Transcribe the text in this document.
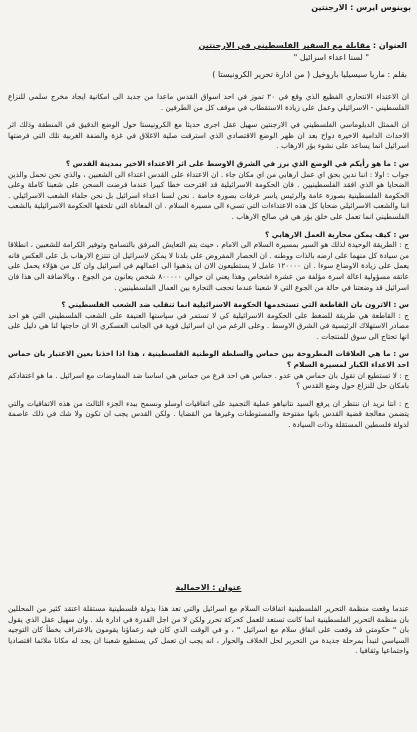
بوينوس ايرس : الارجنتين
العنوان : مقابلة مع السفير الفلسطيني في الارجنتين
" لسنا اعداء اسرائيل "
بقلم : ماريا سيسيليا باروخيل ( من ادارة تحرير الكرونيستا )

ان الاعتداء الانتحاري الفظيع الذي وقع في ٢٠ تموز في احد اسواق القدس ماعدا من جديد الى امكانية ايجاد مخرج سلمي للنزاع الفلسطيني - الاسرائيلي وعمل على زيادة الاستقطاب في موقف كل من الطرفين .

ان الممثل الدبلوماسي الفلسطيني في الارجنتين سهيل عقل اجرى حديثا مع الكرونيستا حول الوضع الدقيق في المنطقة وذلك اثر الاحداث الدامية الاخيرة دواح بعد ان ظهر الوضع الاقتصادي الذي استرقت صلية الاغلاق في غزة والضفة الغربية تلك التي فرضتها اسرائيل انما يساعد على نشوء بؤر الارهاب .

س : ما هو رأيكم في الوضع الذي برز في الشرق الاوسط على اثر الاعتداء الاخير بمدينة القدس ؟

جواب : اولا : اننا ندين بحق اي عمل ارهابي من اي مكان جاء . ان الاعتداء على القدس اعتداء الى الشعبين ، والذي نحن نحمل والذين الضحايا هو الذي افقد الفلسطينيين . فان الحكومة الاسرائيلية قد اقترحت خطا كبيرا عندما فرضت السجن على شعبنا كاملة وعلى الحكومة الفلسطينية بصورة عامة والرئيس ياسر عرفات بصورة خاصة . نحن لسنا اعداء اسرائيل بل نحن حلفاء الشعب الاسرائيلي . اننا والشعب الاسرائيلي ضحايا كل هذه الاعتداءات التي تسيء الى مسيرة السلام . ان المعاناة التي تلحقها الحكومة الاسرائيلية بالشعب الفلسطيني انما تعمل على خلق بؤر هي في صالح الارهاب .

س : كيف يمكن محاربة العمل الارهابي ؟

ج : الطريقة الوحيدة لذلك هو السير بمسيرة السلام الى الامام ، حيث يتم التعايش المرفق بالتسامح وتوفير الكرامة للشعبين ، انطلاقا من سيادة كل منهما على ارضه بالذات ووطنه . ان الحصار المفروض على بلدنا لا يمكن لاسرائيل ان تنتزع الارهاب بل على العكس فانه يعمل على زيادة الاوضاع سوءا . ان ١٢٠٠٠٠ عامل لا يستطيعون الان ان يذهبوا الى اعمالهم في اسرائيل وان كل من هؤلاء يحمل على عاتقه مسؤولية اعالة اسرة مؤلفة من عشرة اشخاص وهذا يعني ان حوالي ٨٠٠٠٠٠ شخص يعانون من الجوع ، وبالاضافة الى هذا فان اسرائيل قد وضعتنا في حالة من الجوع التي لا شعبنا عندما تحجب التجارة بين العمال الفلسطينيين .

س : الاترون بان القاطعة التي تستخدمها الحكومة الاسرائيلية انما تنقلب ضد الشعب الفلسطيني ؟

ج : القاطعة هي طريقة للضغط على الحكومة الاسرائيلية كي لا تستمر في سياستها العنيفة على الشعب الفلسطيني التي هو احد مصادر الاستهلاك الرئيسية في الشرق الاوسط . وعلى الرغم من ان اسرائيل قوية في الجانب العسكري الا ان حاجتها لنا هي دليل على انها تحتاج الى سوق للمنتجات .

س : ما هي العلاقات المطروحة بين حماس والسلطة الوطنية الفلسطينية ، هذا اذا اخذنا بعين الاعتبار بان حماس احد الاعداء الكبار لمسيرة السلام ؟

ج : لا تستطيع ان تقول بان حماس هي عدو . حماس هي احد فرع من حماس هي اساسا ضد المفاوضات مع اسرائيل . ما هو اعتقادكم بامكان حل للنزاع حول وضع القدس ؟

ج : انتا نريد ان ننتظر ان يرفع السيد نتانياهو عملية التجميد على اتفاقيات اوسلو ونسمح ببدء الجزء الثالث من هذه الاتفاقيات والتي يتضمن معالجة قضية القدس بانها مفتوحة والمستوطنات وغيرها من القضايا . ولكن القدس يجب ان تكون ولا شك في ذلك عاصمة لدولة فلسطين المستقلة وذات السيادة .

عنوان : الاجمالية
عندما وقعت منظمة التحرير الفلسطينية اتفاقات السلام مع اسرائيل والتي تعد هذا بدولة فلسطينية مستقلة اعتقد كثير من المحللين بان منظمة التحرير الفلسطينية انما كانت تستعد للعمل كحركة تحرر ولكن لا من اجل القدرة في ادارة بلد . وان سهيل عقل الذي يقول بان " حكومتي قد وقعت على اتفاق سلام مع اسرائيل " ، و في الوقت الذي كان فيه زعماؤنا يقومون بالاعتراف بخطأ كان التوجيه السياسي لنبدأ بمرحلة جديدة من التحرير لحل الخلاف والحوار ، انه يجب ان تعمل كي يستطيع شعبنا ان يجد له مكانا ملائما اقتصاديا واجتماعيا وثقافيا .
